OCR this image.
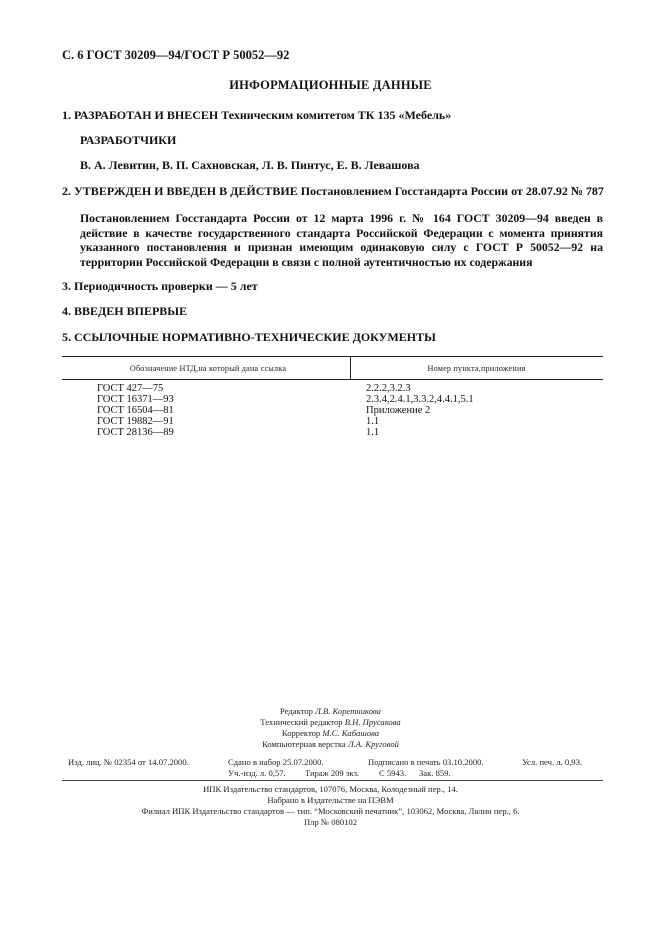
С. 6 ГОСТ 30209—94/ГОСТ Р 50052—92
ИНФОРМАЦИОННЫЕ ДАННЫЕ
1. РАЗРАБОТАН И ВНЕСЕН Техническим комитетом ТК 135 «Мебель»
РАЗРАБОТЧИКИ
В. А. Левитин, В. П. Сахновская, Л. В. Пинтус, Е. В. Левашова
2. УТВЕРЖДЕН И ВВЕДЕН В ДЕЙСТВИЕ Постановлением Госстандарта России от 28.07.92 № 787
Постановлением Госстандарта России от 12 марта 1996 г. № 164 ГОСТ 30209—94 введен в действие в качестве государственного стандарта Российской Федерации с момента принятия указанного постановления и признан имеющим одинаковую силу с ГОСТ Р 50052—92 на территории Российской Федерации в связи с полной аутентичностью их содержания
3. Периодичность проверки — 5 лет
4. ВВЕДЕН ВПЕРВЫЕ
5. ССЫЛОЧНЫЕ НОРМАТИВНО-ТЕХНИЧЕСКИЕ ДОКУМЕНТЫ
Обозначение НТД,на который дана ссылка	Номер пункта,приложения
ГОСТ 427—75	2.2.2,3.2.3
ГОСТ 16371—93	2.3.4,2.4.1,3.3.2,4.4.1,5.1
ГОСТ 16504—81	Приложение 2
ГОСТ 19882—91	1.1
ГОСТ 28136—89	1.1
Редактор Л.В. Коретникова
Технический редактор В.Н. Прусакова
Корректор М.С. Кабашова
Компьютерная верстка Л.А. Круговой
Изд. лиц. № 02354 от 14.07.2000.	Сдано в набор 25.07.2000.	Подписано в печать 03.10.2000.	Усл. печ. л. 0,93.
Уч.-изд. л. 0,57. Тираж 209 экз. С 5943. Зак. 859.
ИПК Издательство стандартов, 107076, Москва, Колодезный пер., 14.
Набрано в Издательстве на ПЭВМ
Филиал ИПК Издательство стандартов — тип. “Московский печатник”, 103062, Москва, Лялин пер., 6.
Плр № 080102
